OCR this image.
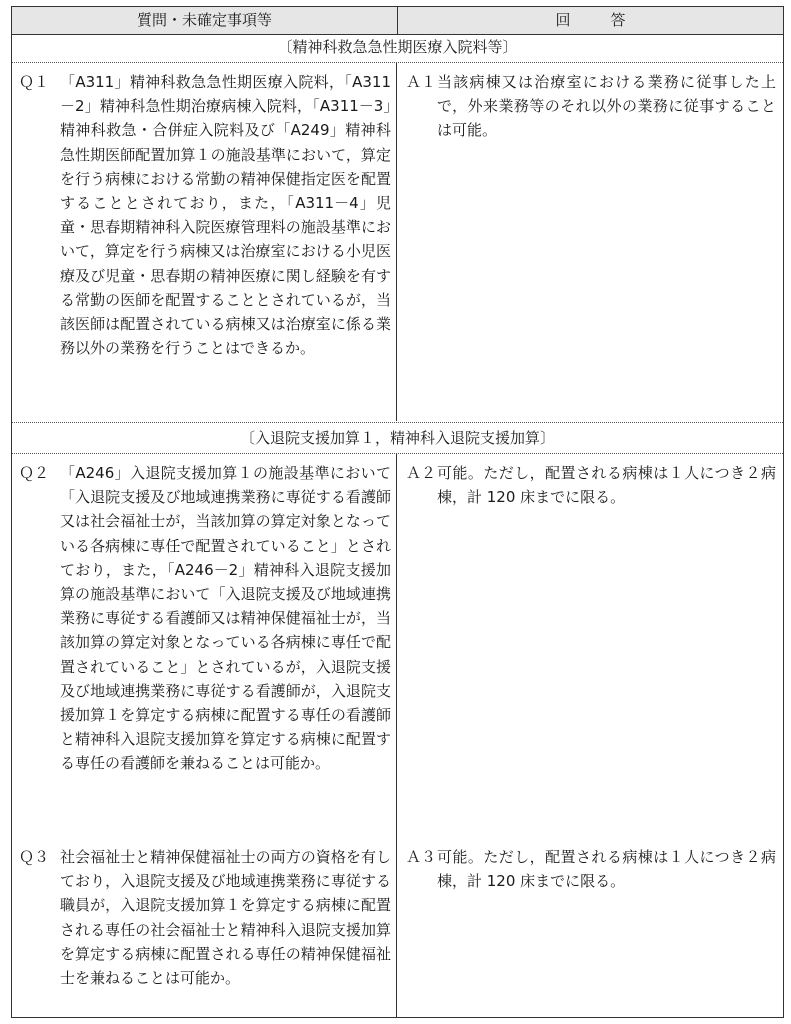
質問・未確定事項等	回答
〔精神科救急急性期医療入院料等〕
Ｑ１ 「A311」精神科救急急性期医療入院料，「A311－2」精神科急性期治療病棟入院料，「A311－3」精神科救急・合併症入院料及び「A249」精神科急性期医師配置加算１の施設基準において，算定を行う病棟における常勤の精神保健指定医を配置することとされており，また，「A311－4」児童・思春期精神科入院医療管理料の施設基準において，算定を行う病棟又は治療室における小児医療及び児童・思春期の精神医療に関し経験を有する常勤の医師を配置することとされているが，当該医師は配置されている病棟又は治療室に係る業務以外の業務を行うことはできるか。
Ａ１ 当該病棟又は治療室における業務に従事した上で，外来業務等のそれ以外の業務に従事することは可能。
〔入退院支援加算１，精神科入退院支援加算〕
Ｑ２ 「A246」入退院支援加算１の施設基準において「入退院支援及び地域連携業務に専従する看護師又は社会福祉士が，当該加算の算定対象となっている各病棟に専任で配置されていること」とされており，また，「A246－2」精神科入退院支援加算の施設基準において「入退院支援及び地域連携業務に専従する看護師又は精神保健福祉士が，当該加算の算定対象となっている各病棟に専任で配置されていること」とされているが，入退院支援及び地域連携業務に専従する看護師が，入退院支援加算１を算定する病棟に配置する専任の看護師と精神科入退院支援加算を算定する病棟に配置する専任の看護師を兼ねることは可能か。
Ａ２ 可能。ただし，配置される病棟は１人につき２病棟，計 120 床までに限る。
Ｑ３ 社会福祉士と精神保健福祉士の両方の資格を有しており，入退院支援及び地域連携業務に専従する職員が，入退院支援加算１を算定する病棟に配置される専任の社会福祉士と精神科入退院支援加算を算定する病棟に配置される専任の精神保健福祉士を兼ねることは可能か。
Ａ３ 可能。ただし，配置される病棟は１人につき２病棟，計 120 床までに限る。
